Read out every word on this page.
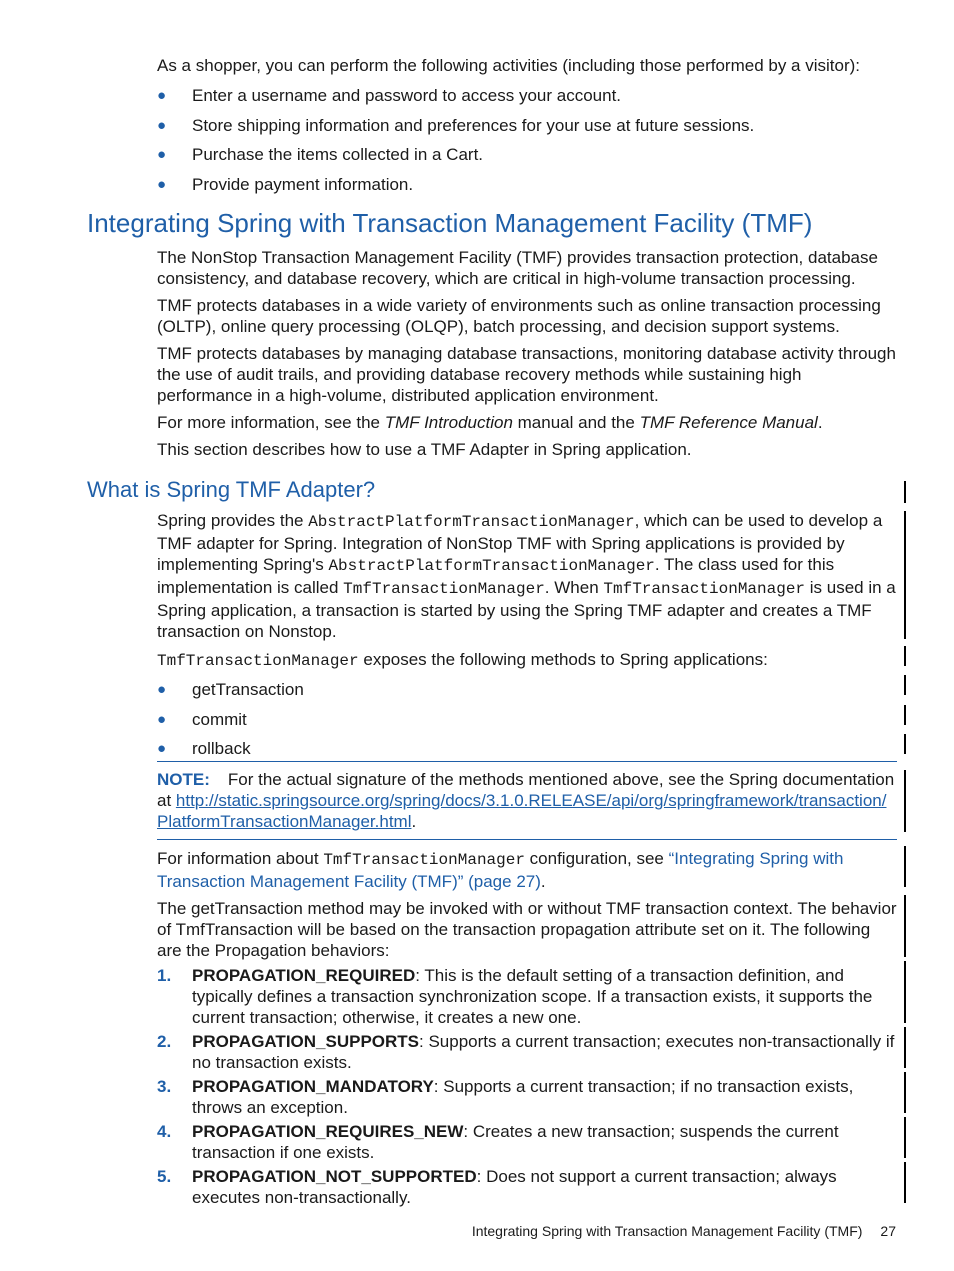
As a shopper, you can perform the following activities (including those performed by a visitor):

● Enter a username and password to access your account.
● Store shipping information and preferences for your use at future sessions.
● Purchase the items collected in a Cart.
● Provide payment information.
Integrating Spring with Transaction Management Facility (TMF)

The NonStop Transaction Management Facility (TMF) provides transaction protection, database consistency, and database recovery, which are critical in high-volume transaction processing.

TMF protects databases in a wide variety of environments such as online transaction processing (OLTP), online query processing (OLQP), batch processing, and decision support systems.

TMF protects databases by managing database transactions, monitoring database activity through the use of audit trails, and providing database recovery methods while sustaining high performance in a high-volume, distributed application environment.

For more information, see the TMF Introduction manual and the TMF Reference Manual.

This section describes how to use a TMF Adapter in Spring application.

What is Spring TMF Adapter?

Spring provides the AbstractPlatformTransactionManager, which can be used to develop a TMF adapter for Spring. Integration of NonStop TMF with Spring applications is provided by implementing Spring's AbstractPlatformTransactionManager. The class used for this implementation is called TmfTransactionManager. When TmfTransactionManager is used in a Spring application, a transaction is started by using the Spring TMF adapter and creates a TMF transaction on Nonstop.

TmfTransactionManager exposes the following methods to Spring applications:

● getTransaction
● commit
● rollback

NOTE: For the actual signature of the methods mentioned above, see the Spring documentation at http://static.springsource.org/spring/docs/3.1.0.RELEASE/api/org/springframework/transaction/PlatformTransactionManager.html.

For information about TmfTransactionManager configuration, see “Integrating Spring with Transaction Management Facility (TMF)” (page 27).

The getTransaction method may be invoked with or without TMF transaction context. The behavior of TmfTransaction will be based on the transaction propagation attribute set on it. The following are the Propagation behaviors:

1. PROPAGATION_REQUIRED: This is the default setting of a transaction definition, and typically defines a transaction synchronization scope. If a transaction exists, it supports the current transaction; otherwise, it creates a new one.
2. PROPAGATION_SUPPORTS: Supports a current transaction; executes non-transactionally if no transaction exists.
3. PROPAGATION_MANDATORY: Supports a current transaction; if no transaction exists, throws an exception.
4. PROPAGATION_REQUIRES_NEW: Creates a new transaction; suspends the current transaction if one exists.
5. PROPAGATION_NOT_SUPPORTED: Does not support a current transaction; always executes non-transactionally.
Integrating Spring with Transaction Management Facility (TMF) 27
